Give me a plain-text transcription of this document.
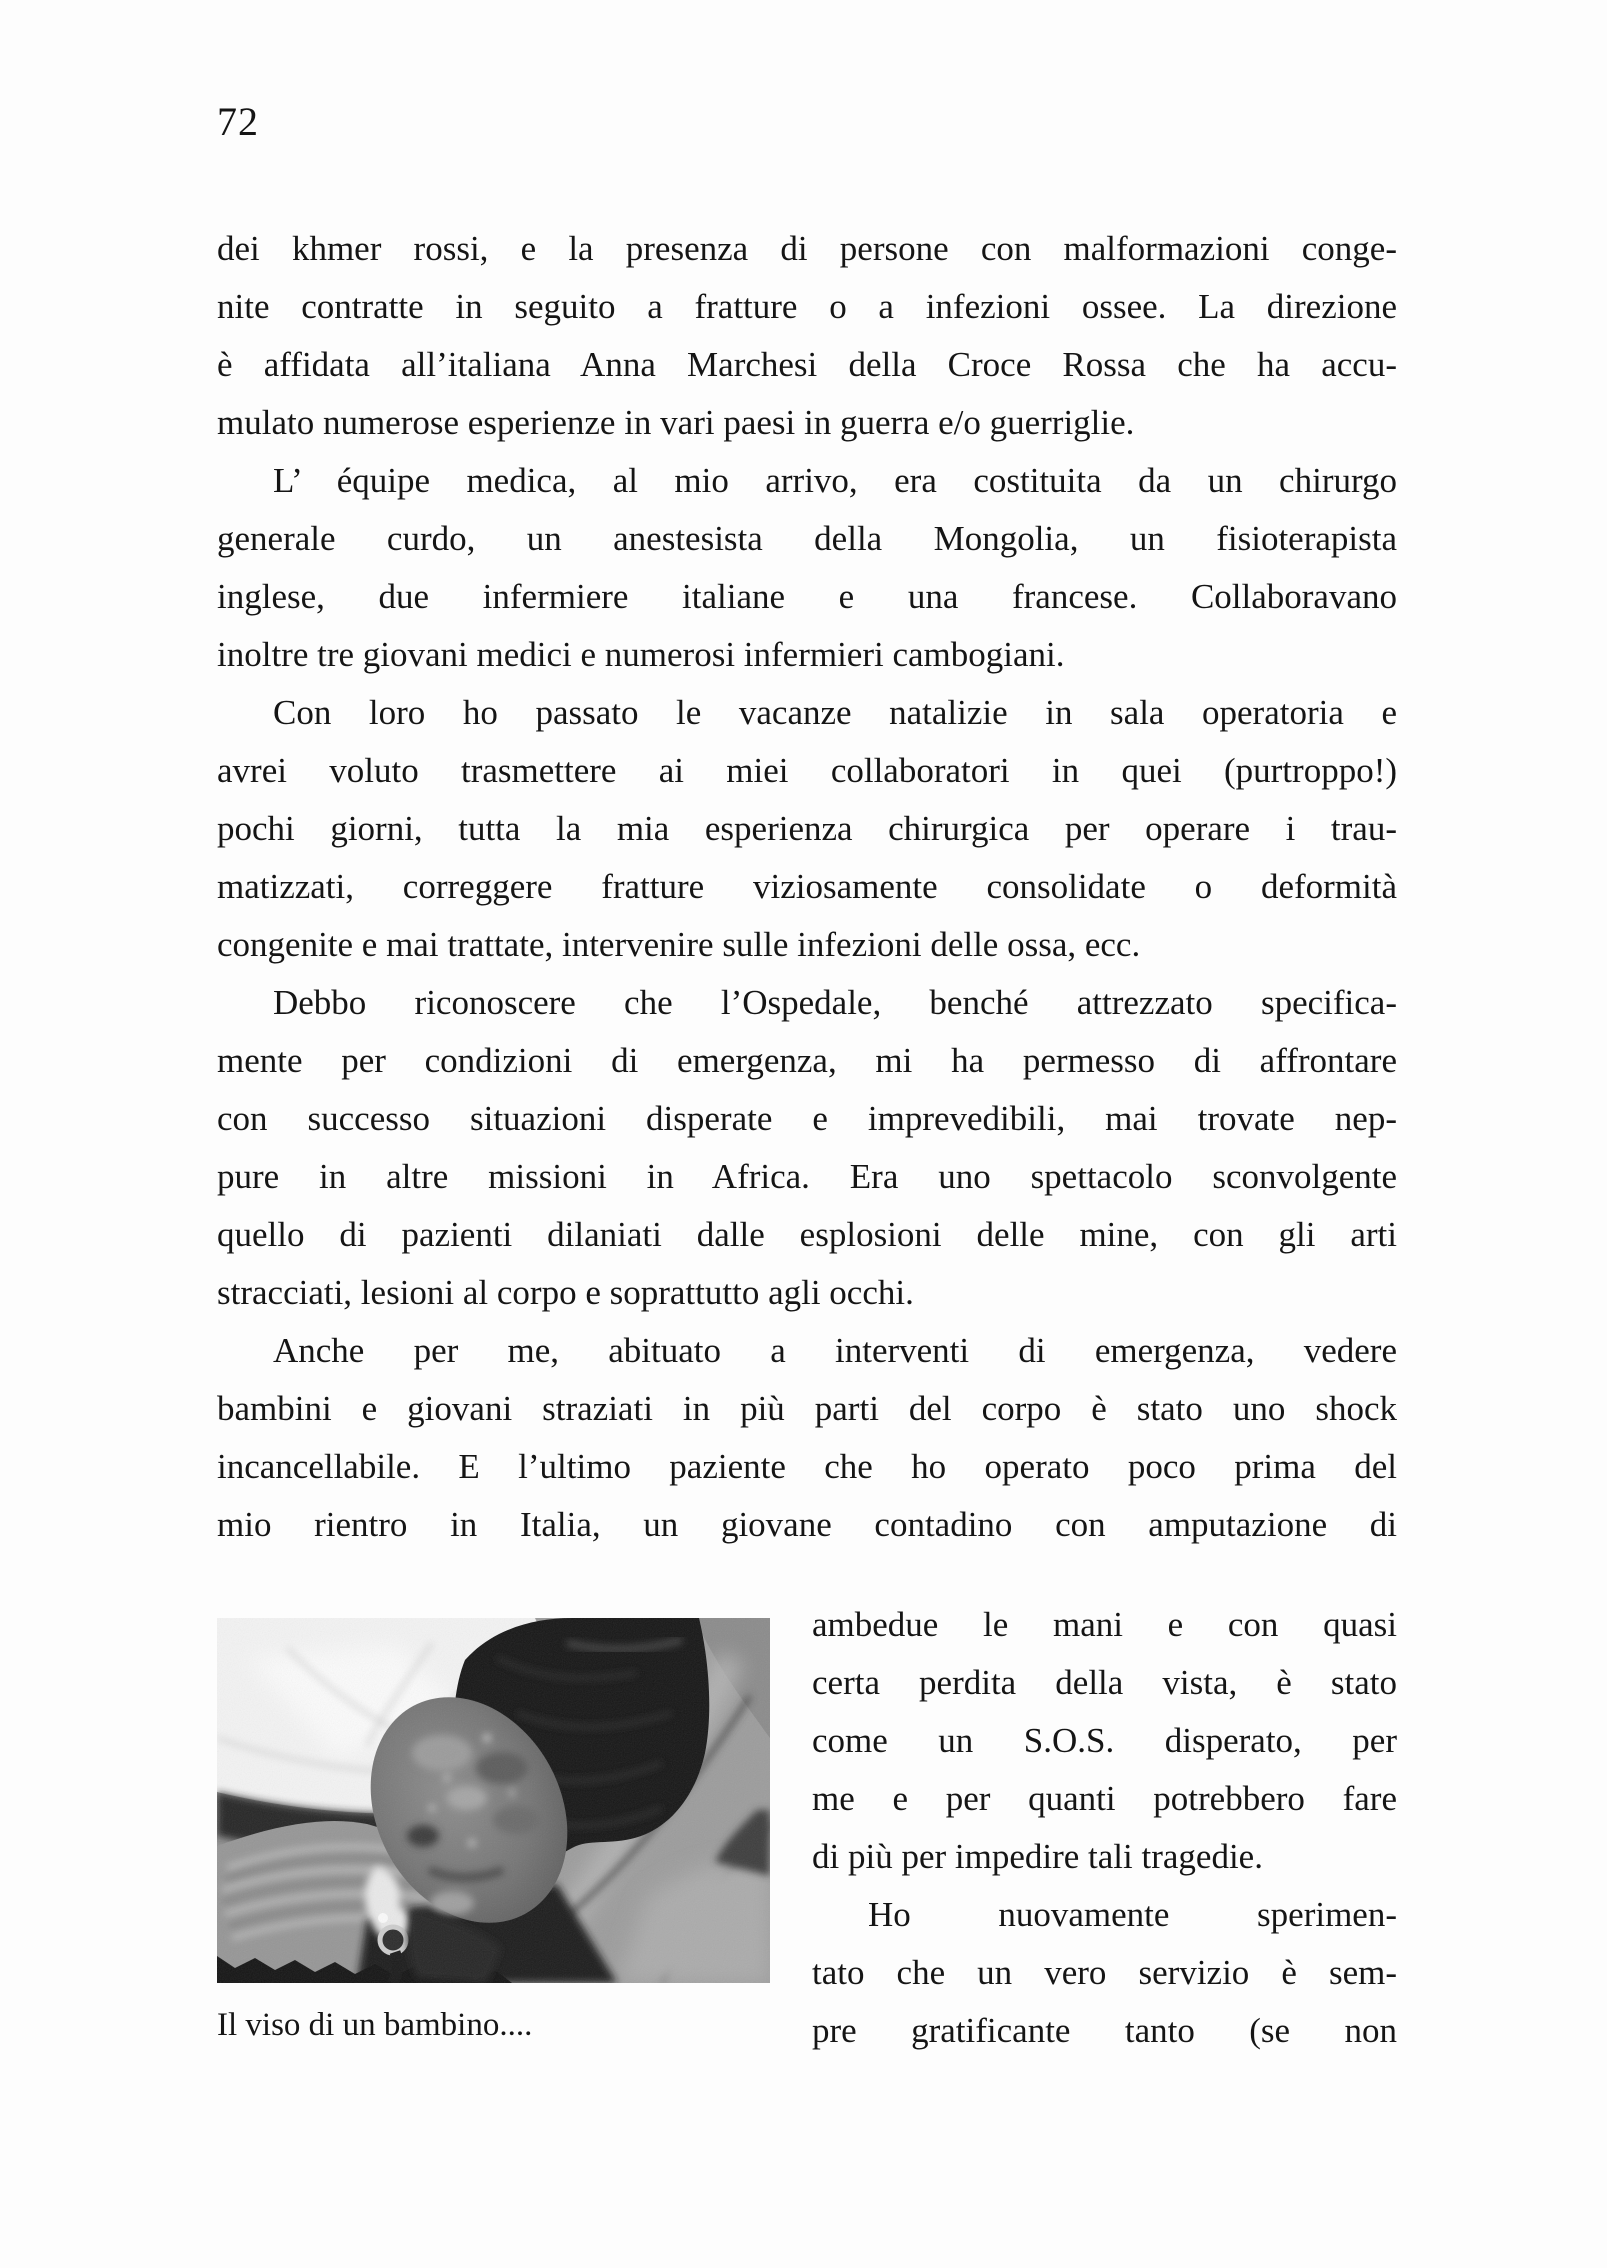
72

dei khmer rossi, e la presenza di persone con malformazioni conge-
nite contratte in seguito a fratture o a infezioni ossee. La direzione
è affidata all’italiana Anna Marchesi della Croce Rossa che ha accu-
mulato numerose esperienze in vari paesi in guerra e/o guerriglie.

L’ équipe medica, al mio arrivo, era costituita da un chirurgo
generale curdo, un anestesista della Mongolia, un fisioterapista
inglese, due infermiere italiane e una francese. Collaboravano
inoltre tre giovani medici e numerosi infermieri cambogiani.

Con loro ho passato le vacanze natalizie in sala operatoria e
avrei voluto trasmettere ai miei collaboratori in quei (purtroppo!)
pochi giorni, tutta la mia esperienza chirurgica per operare i trau-
matizzati, correggere fratture viziosamente consolidate o deformità
congenite e mai trattate, intervenire sulle infezioni delle ossa, ecc.

Debbo riconoscere che l’Ospedale, benché attrezzato specifica-
mente per condizioni di emergenza, mi ha permesso di affrontare
con successo situazioni disperate e imprevedibili, mai trovate nep-
pure in altre missioni in Africa. Era uno spettacolo sconvolgente
quello di pazienti dilaniati dalle esplosioni delle mine, con gli arti
stracciati, lesioni al corpo e soprattutto agli occhi.

Anche per me, abituato a interventi di emergenza, vedere
bambini e giovani straziati in più parti del corpo è stato uno shock
incancellabile. E l’ultimo paziente che ho operato poco prima del
mio rientro in Italia, un giovane contadino con amputazione di

Il viso di un bambino....

ambedue le mani e con quasi
certa perdita della vista, è stato
come un S.O.S. disperato, per
me e per quanti potrebbero fare
di più per impedire tali tragedie.

Ho nuovamente sperimen-
tato che un vero servizio è sem-
pre gratificante tanto (se non
